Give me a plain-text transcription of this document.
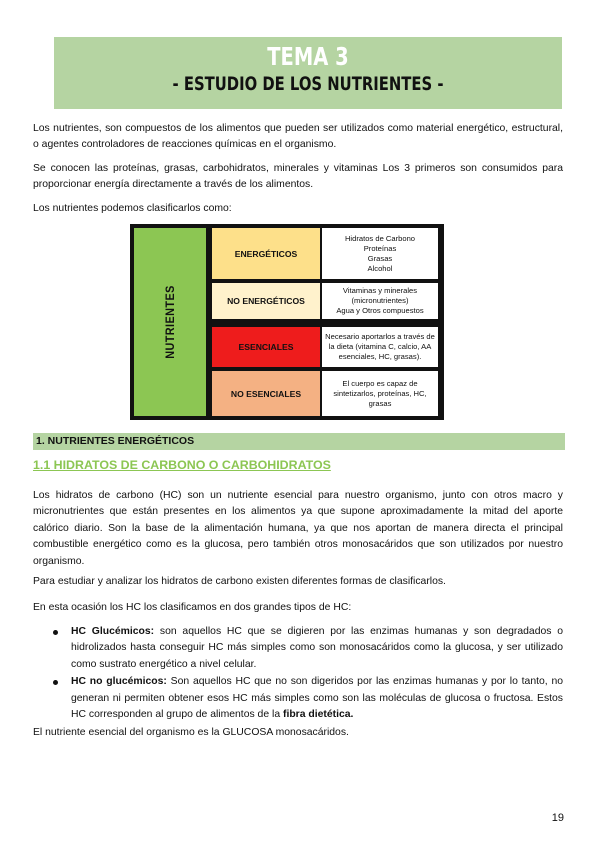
TEMA 3
- ESTUDIO DE LOS NUTRIENTES -

Los nutrientes, son compuestos de los alimentos que pueden ser utilizados como material energético, estructural, o agentes controladores de reacciones químicas en el organismo.

Se conocen las proteínas, grasas, carbohidratos, minerales y vitaminas Los 3 primeros son consumidos para proporcionar energía directamente a través de los alimentos.

Los nutrientes podemos clasificarlos como:

NUTRIENTES
ENERGÉTICOS
Hidratos de Carbono
Proteínas
Grasas
Alcohol
NO ENERGÉTICOS
Vitaminas y minerales
(micronutrientes)
Agua y Otros compuestos
ESENCIALES
Necesario aportarlos a través de
la dieta (vitamina C, calcio, AA
esenciales, HC, grasas).
NO ESENCIALES
El cuerpo es capaz de
sintetizarlos, proteínas, HC,
grasas
1. NUTRIENTES ENERGÉTICOS
1.1 HIDRATOS DE CARBONO O CARBOHIDRATOS

Los hidratos de carbono (HC) son un nutriente esencial para nuestro organismo, junto con otros macro y micronutrientes que están presentes en los alimentos ya que supone aproximadamente la mitad del aporte calórico diario. Son la base de la alimentación humana, ya que nos aportan de manera directa el principal combustible energético como es la glucosa, pero también otros monosacáridos que son utilizados por nuestro organismo.

Para estudiar y analizar los hidratos de carbono existen diferentes formas de clasificarlos.

En esta ocasión los HC los clasificamos en dos grandes tipos de HC:

HC Glucémicos: son aquellos HC que se digieren por las enzimas humanas y son degradados o hidrolizados hasta conseguir HC más simples como son monosacáridos como la glucosa, y ser utilizado como sustrato energético a nivel celular.
HC no glucémicos: Son aquellos HC que no son digeridos por las enzimas humanas y por lo tanto, no generan ni permiten obtener esos HC más simples como son las moléculas de glucosa o fructosa. Estos HC corresponden al grupo de alimentos de la fibra dietética.

El nutriente esencial del organismo es la GLUCOSA monosacáridos.

19
